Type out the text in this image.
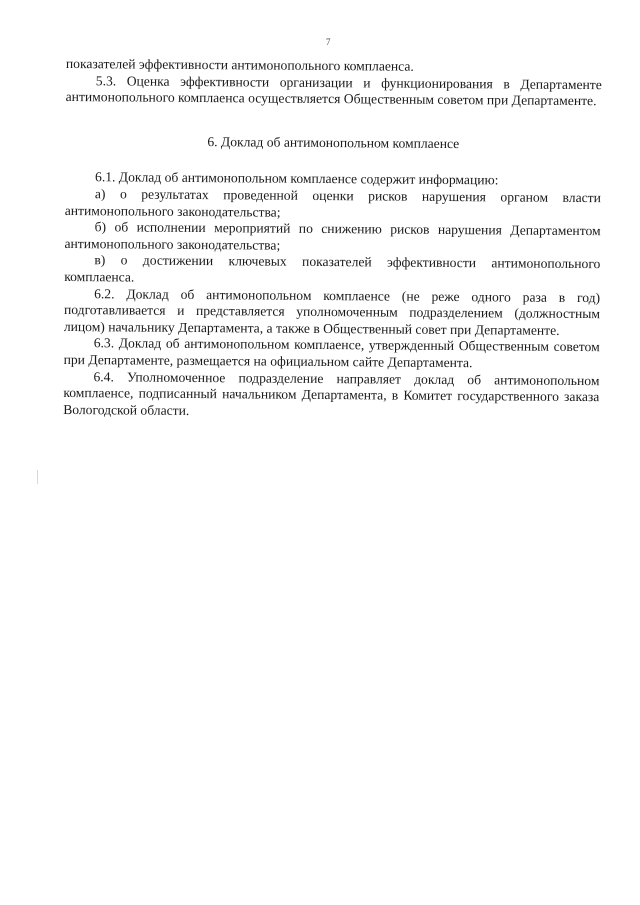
7

показателей эффективности антимонопольного комплаенса.

5.3. Оценка эффективности организации и функционирования в Департаменте антимонопольного комплаенса осуществляется Общественным советом при Департаменте.

6. Доклад об антимонопольном комплаенсе

6.1. Доклад об антимонопольном комплаенсе содержит информацию:

а) о результатах проведенной оценки рисков нарушения органом власти антимонопольного законодательства;

б) об исполнении мероприятий по снижению рисков нарушения Департаментом антимонопольного законодательства;

в) о достижении ключевых показателей эффективности антимонопольного комплаенса.

6.2. Доклад об антимонопольном комплаенсе (не реже одного раза в год) подготавливается и представляется уполномоченным подразделением (должностным лицом) начальнику Департамента, а также в Общественный совет при Департаменте.

6.3. Доклад об антимонопольном комплаенсе, утвержденный Общественным советом при Департаменте, размещается на официальном сайте Департамента.

6.4. Уполномоченное подразделение направляет доклад об антимонопольном комплаенсе, подписанный начальником Департамента, в Комитет государственного заказа Вологодской области.
